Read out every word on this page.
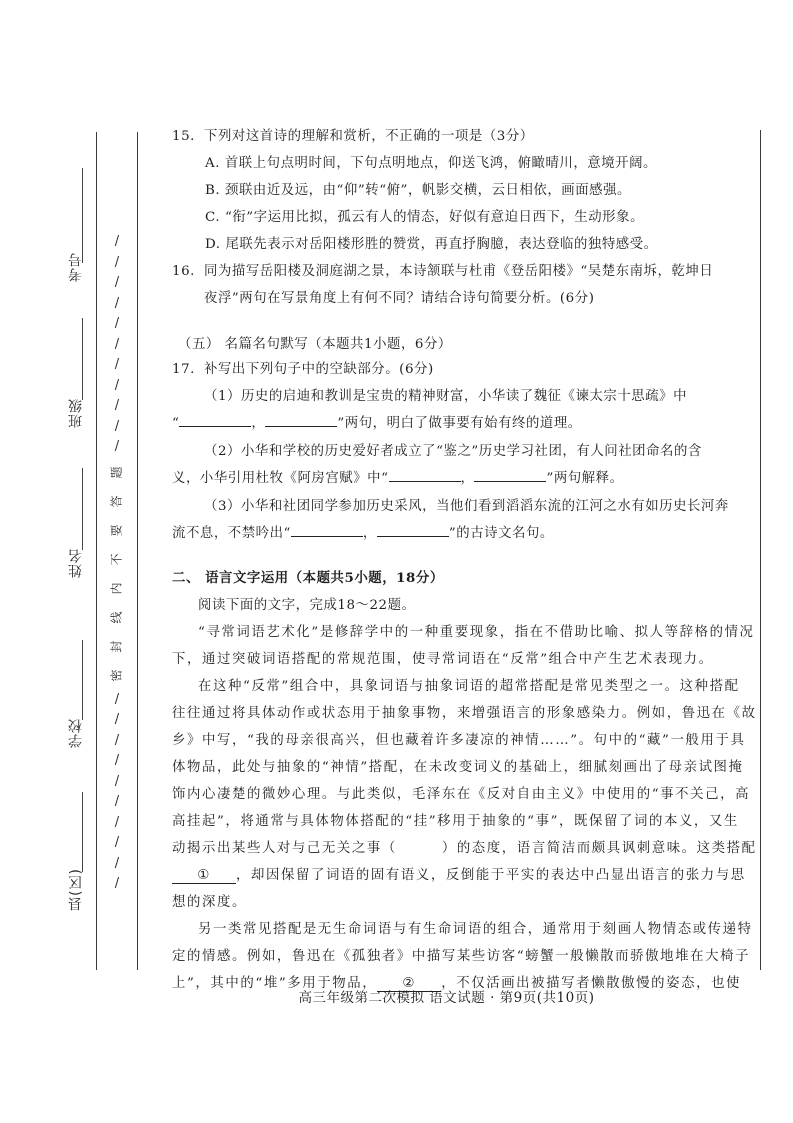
考号
班级
姓名
学校
县(区)
/
/
/
/
/
/
/
/
/
/
/
题
答
要
不
内
线
封
密
/
/
/
/
/
/
/
/
/
/
15. 下列对这首诗的理解和赏析，不正确的一项是（3分）
A. 首联上句点明时间，下句点明地点，仰送飞鸿，俯瞰晴川，意境开阔。
B. 颈联由近及远，由“仰”转“俯”，帆影交横，云日相依，画面感强。
C. “衔”字运用比拟，孤云有人的情态，好似有意迫日西下，生动形象。
D. 尾联先表示对岳阳楼形胜的赞赏，再直抒胸臆，表达登临的独特感受。
16. 同为描写岳阳楼及洞庭湖之景，本诗颔联与杜甫《登岳阳楼》“吴楚东南坼，乾坤日
夜浮”两句在写景角度上有何不同？请结合诗句简要分析。(6分)
（五） 名篇名句默写（本题共1小题，6分）
17. 补写出下列句子中的空缺部分。(6分)
（1）历史的启迪和教训是宝贵的精神财富，小华读了魏征《谏太宗十思疏》中
“	，	”两句，明白了做事要有始有终的道理。
（2）小华和学校的历史爱好者成立了“鉴之”历史学习社团，有人问社团命名的含
义，小华引用杜牧《阿房宫赋》中“	，	”两句解释。
（3）小华和社团同学参加历史采风，当他们看到滔滔东流的江河之水有如历史长河奔
流不息，不禁吟出“	，	”的古诗文名句。
二、 语言文字运用（本题共5小题，18分）
阅读下面的文字，完成18～22题。
“寻常词语艺术化”是修辞学中的一种重要现象，指在不借助比喻、拟人等辞格的情况
下，通过突破词语搭配的常规范围，使寻常词语在“反常”组合中产生艺术表现力。
在这种“反常”组合中，具象词语与抽象词语的超常搭配是常见类型之一。这种搭配
往往通过将具体动作或状态用于抽象事物，来增强语言的形象感染力。例如，鲁迅在《故
乡》中写，“我的母亲很高兴，但也藏着许多凄凉的神情……”。句中的“藏”一般用于具
体物品，此处与抽象的“神情”搭配，在未改变词义的基础上，细腻刻画出了母亲试图掩
饰内心凄楚的微妙心理。与此类似，毛泽东在《反对自由主义》中使用的“事不关己，高
高挂起”，将通常与具体物体搭配的“挂”移用于抽象的“事”，既保留了词的本义，又生
动揭示出某些人对与己无关之事（　　　）的态度，语言简洁而颇具讽刺意味。这类搭配
① ，却因保留了词语的固有语义，反倒能于平实的表达中凸显出语言的张力与思
想的深度。
另一类常见搭配是无生命词语与有生命词语的组合，通常用于刻画人物情态或传递特
定的情感。例如，鲁迅在《孤独者》中描写某些访客“螃蟹一般懒散而骄傲地堆在大椅子
上”，其中的“堆”多用于物品， ② ，不仅活画出被描写者懒散傲慢的姿态，也使
高三年级第二次模拟 语文试题 · 第9页(共10页)
